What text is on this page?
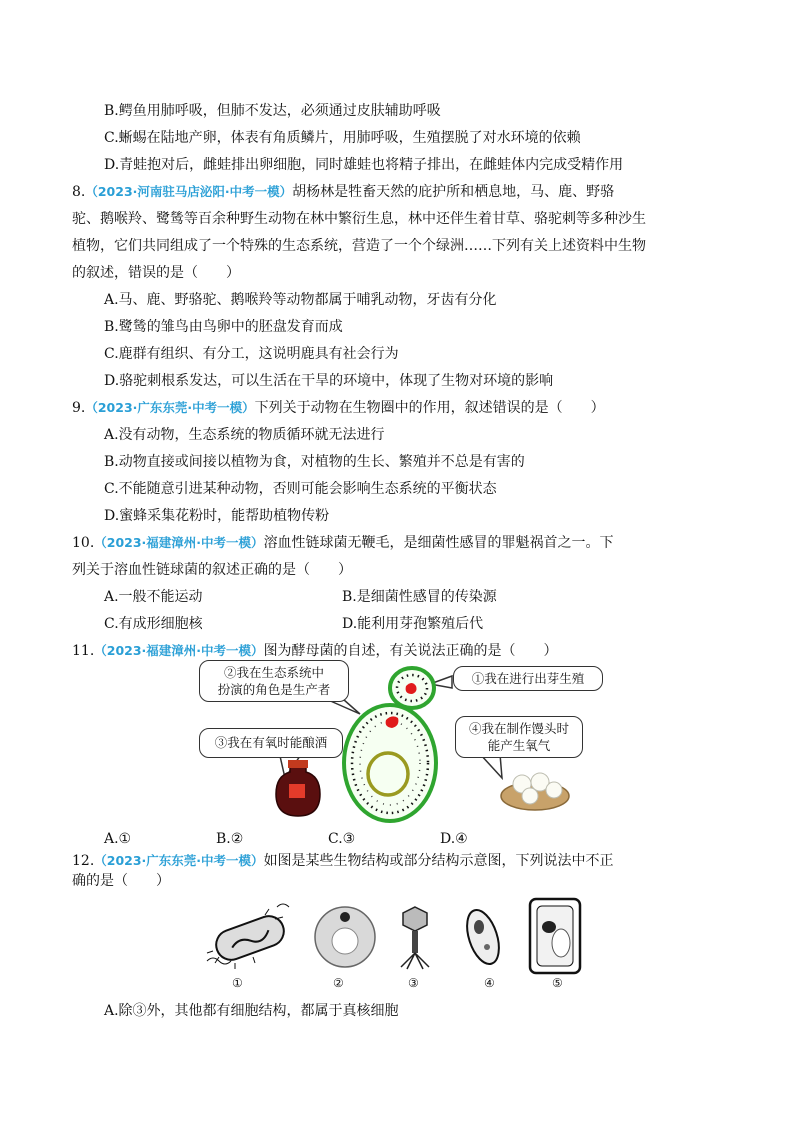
B.鳄鱼用肺呼吸，但肺不发达，必须通过皮肤辅助呼吸
C.蜥蜴在陆地产卵，体表有角质鳞片，用肺呼吸，生殖摆脱了对水环境的依赖
D.青蛙抱对后，雌蛙排出卵细胞，同时雄蛙也将精子排出，在雌蛙体内完成受精作用
8.（2023·河南驻马店泌阳·中考一模）胡杨林是牲畜天然的庇护所和栖息地，马、鹿、野骆
驼、鹅喉羚、鹭鸶等百余种野生动物在林中繁衍生息，林中还伴生着甘草、骆驼刺等多种沙生
植物，它们共同组成了一个特殊的生态系统，营造了一个个绿洲……下列有关上述资料中生物
的叙述，错误的是（　　）
A.马、鹿、野骆驼、鹅喉羚等动物都属于哺乳动物，牙齿有分化
B.鹭鸶的雏鸟由鸟卵中的胚盘发育而成
C.鹿群有组织、有分工，这说明鹿具有社会行为
D.骆驼刺根系发达，可以生活在干旱的环境中，体现了生物对环境的影响
9.（2023·广东东莞·中考一模）下列关于动物在生物圈中的作用，叙述错误的是（　　）
A.没有动物，生态系统的物质循环就无法进行
B.动物直接或间接以植物为食，对植物的生长、繁殖并不总是有害的
C.不能随意引进某种动物，否则可能会影响生态系统的平衡状态
D.蜜蜂采集花粉时，能帮助植物传粉
10.（2023·福建漳州·中考一模）溶血性链球菌无鞭毛，是细菌性感冒的罪魁祸首之一。下
列关于溶血性链球菌的叙述正确的是（　　）
A.一般不能运动	B.是细菌性感冒的传染源
C.有成形细胞核	D.能利用芽孢繁殖后代
11.（2023·福建漳州·中考一模）图为酵母菌的自述，有关说法正确的是（　　）
②我在生态系统中
扮演的角色是生产者
①我在进行出芽生殖
③我在有氧时能酿酒
④我在制作馒头时
能产生氧气
A.①	B.②	C.③	D.④
12.（2023·广东东莞·中考一模）如图是某些生物结构或部分结构示意图，下列说法中不正
确的是（　　）
①	②	③	④	⑤
A.除③外，其他都有细胞结构，都属于真核细胞
